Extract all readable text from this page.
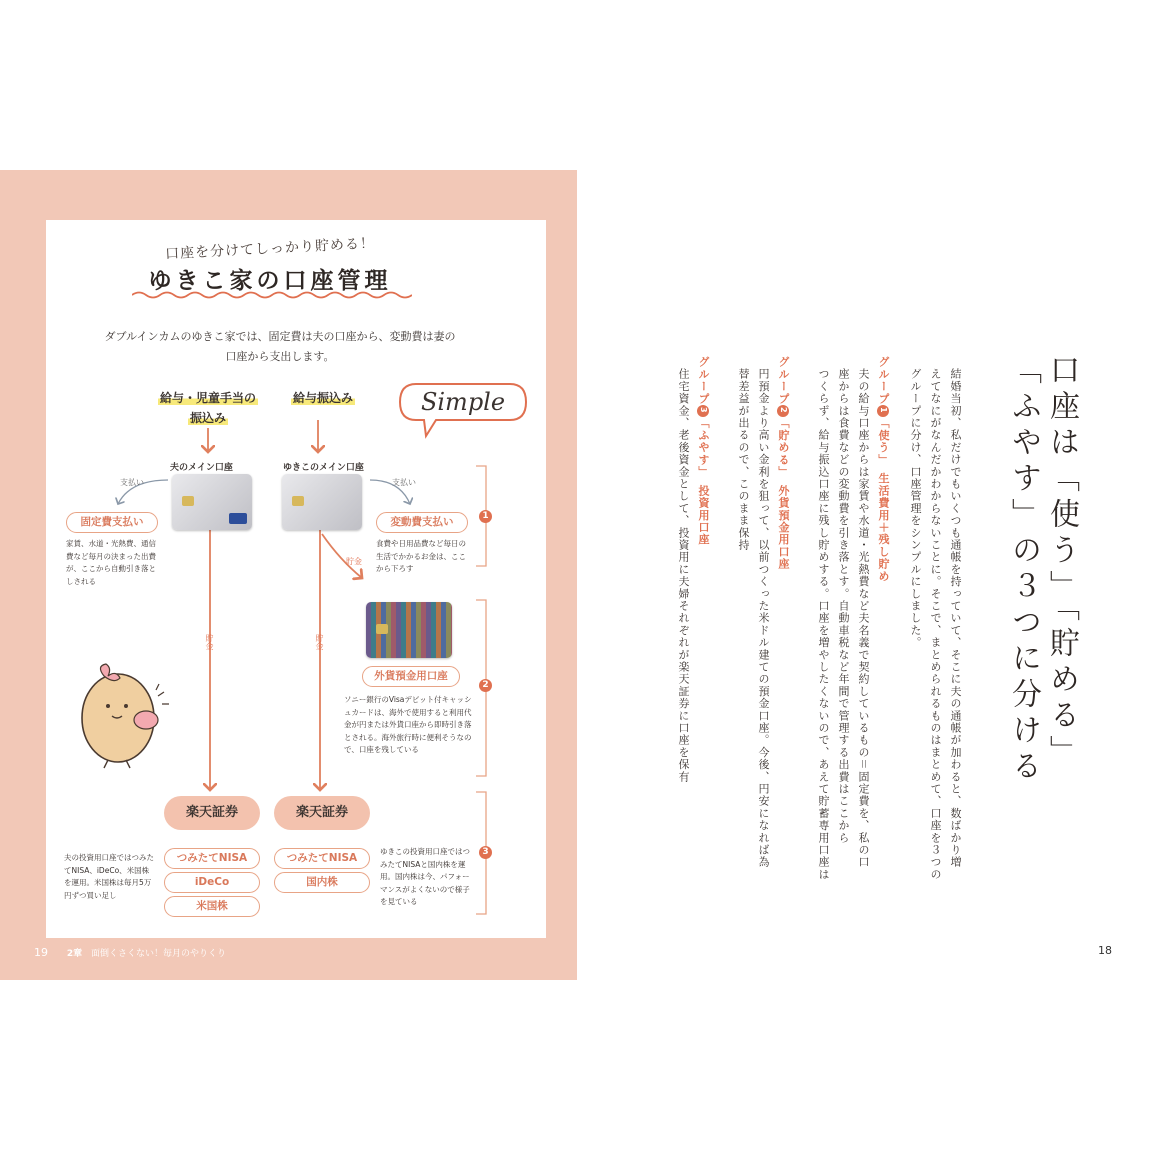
口座を分けてしっかり貯める！
ゆきこ家の口座管理
ダブルインカムのゆきこ家では、固定費は夫の口座から、変動費は妻の口座から支出します。
給与・児童手当の
振込み
給与振込み	Simple
夫のメイン口座	ゆきこのメイン口座
支払い	支払い
固定費支払い	変動費支払い
家賃、水道・光熱費、通信費など毎月の決まった出費が、ここから自動引き落としされる
食費や日用品費など毎日の生活でかかるお金は、ここから下ろす
1
2
3
貯金
貯金	貯金
外貨預金用口座
ソニー銀行のVisaデビット付キャッシュカードは、海外で使用すると利用代金が円または外貨口座から即時引き落とされる。海外旅行時に便利そうなので、口座を残している
楽天証券	楽天証券
つみたてNISA
iDeCo
米国株
つみたてNISA
国内株
夫の投資用口座ではつみたてNISA、iDeCo、米国株を運用。米国株は毎月5万円ずつ買い足し
ゆきこの投資用口座ではつみたてNISAと国内株を運用。国内株は今、パフォーマンスがよくないので様子を見ている
19 2章 面倒くさくない！毎月のやりくり
口座は「使う」「貯める」
「ふやす」の３つに分ける
結婚当初、私だけでもいくつも通帳を持っていて、そこに夫の通帳が加わると、数ばかり増
えてなにがなんだかわからないことに。そこで、まとめられるものはまとめて、口座を３つの
グループに分け、口座管理をシンプルにしました。
グループ1「使う」　生活費用＋残し貯め
夫の給与口座からは家賃や水道・光熱費など夫名義で契約しているもの＝固定費を、私の口
座からは食費などの変動費を引き落とす。自動車税など年間で管理する出費はここから
つくらず、給与振込口座に残し貯めする。口座を増やしたくないので、あえて貯蓄専用口座は
グループ2「貯める」　外貨預金用口座
円預金より高い金利を狙って、以前つくった米ドル建ての預金口座。今後、円安になれば為
替差益が出るので、このまま保持
グループ3「ふやす」　投資用口座
住宅資金、老後資金として、投資用に夫婦それぞれが楽天証券に口座を保有
18
